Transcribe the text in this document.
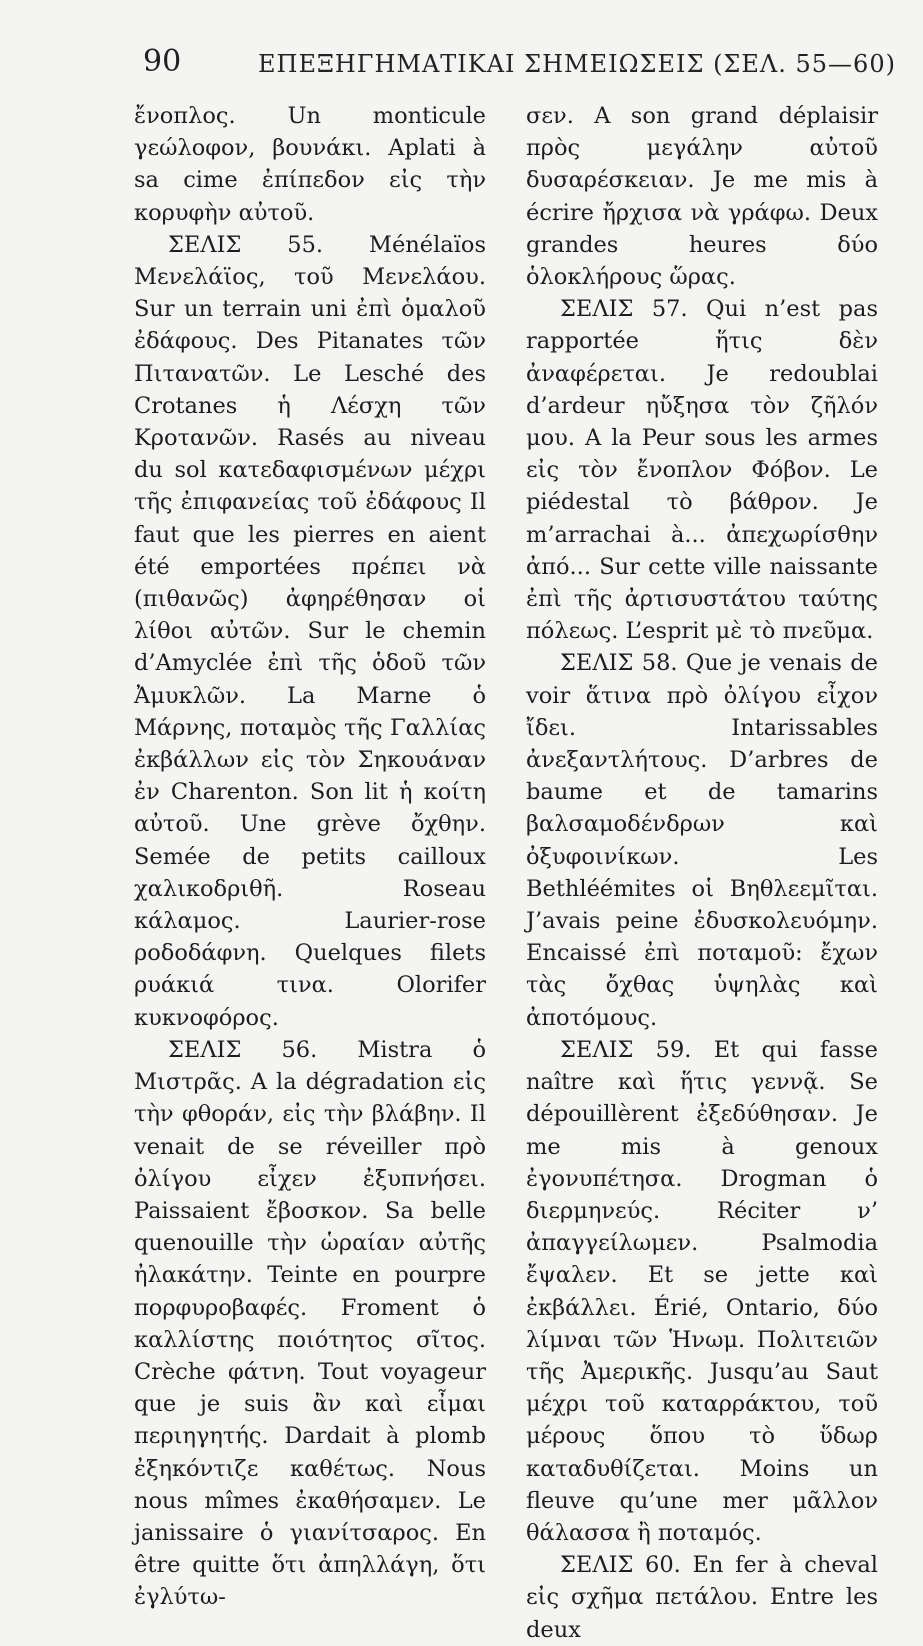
90	ΕΠΕΞΗΓΗΜΑΤΙΚΑΙ ΣΗΜΕΙΩΣΕΙΣ (ΣΕΛ. 55—60)

ἔνοπλος. Un monticule γεώλοφον, βουνάκι. Aplati à sa cime ἐπίπεδον εἰς τὴν κορυφὴν αὐτοῦ.

ΣΕΛΙΣ 55. Ménélaïos Μενελάϊος, τοῦ Μενελάου. Sur un terrain uni ἐπὶ ὁμαλοῦ ἐδάφους. Des Pitanates τῶν Πιτανατῶν. Le Lesché des Crotanes ἡ Λέσχη τῶν Κροτανῶν. Rasés au niveau du sol κατεδαφισμένων μέχρι τῆς ἐπιφανείας τοῦ ἐδάφους Il faut que les pierres en aient été emportées πρέπει νὰ (πιθανῶς) ἀφηρέθησαν οἱ λίθοι αὐτῶν. Sur le chemin d’Amyclée ἐπὶ τῆς ὁδοῦ τῶν Ἀμυκλῶν. La Marne ὁ Μάρνης, ποταμὸς τῆς Γαλλίας ἐκβάλλων εἰς τὸν Σηκουάναν ἐν Charenton. Son lit ἡ κοίτη αὐτοῦ. Une grève ὄχθην. Semée de petits cailloux χαλικοδριθῆ. Roseau κάλαμος. Laurier-rose ροδοδάφνη. Quelques filets ρυάκιά τινα. Olorifer κυκνοφόρος.

ΣΕΛΙΣ 56. Mistra ὁ Μιστρᾶς. A la dégradation εἰς τὴν φθοράν, εἰς τὴν βλάβην. Il venait de se réveiller πρὸ ὀλίγου εἶχεν ἐξυπνήσει. Paissaient ἔβοσκον. Sa belle quenouille τὴν ὡραίαν αὐτῆς ἠλακάτην. Teinte en pourpre πορφυροβαφές. Froment ὁ καλλίστης ποιότητος σῖτος. Crèche φάτνη. Tout voyageur que je suis ἂν καὶ εἶμαι περιηγητής. Dardait à plomb ἐξηκόντιζε καθέτως. Nous nous mîmes ἐκαθήσαμεν. Le janissaire ὁ γιανίτσαρος. En être quitte ὅτι ἀπηλλάγη, ὅτι ἐγλύτω-

σεν. A son grand déplaisir πρὸς μεγάλην αὐτοῦ δυσαρέσκειαν. Je me mis à écrire ἤρχισα νὰ γράφω. Deux grandes heures δύο ὁλοκλήρους ὥρας.

ΣΕΛΙΣ 57. Qui n’est pas rapportée ἥτις δὲν ἀναφέρεται. Je redoublai d’ardeur ηὔξησα τὸν ζῆλόν μου. A la Peur sous les armes εἰς τὸν ἔνοπλον Φόβον. Le piédestal τὸ βάθρον. Je m’arrachai à... ἀπεχωρίσθην ἀπό... Sur cette ville naissante ἐπὶ τῆς ἀρτισυστάτου ταύτης πόλεως. L’esprit μὲ τὸ πνεῦμα.

ΣΕΛΙΣ 58. Que je venais de voir ἅτινα πρὸ ὀλίγου εἶχον ἴδει. Intarissables ἀνεξαντλήτους. D’arbres de baume et de tamarins βαλσαμοδένδρων καὶ ὀξυφοινίκων. Les Bethléémites οἱ Βηθλεεμῖται. J’avais peine ἐδυσκολευόμην. Encaissé ἐπὶ ποταμοῦ: ἔχων τὰς ὄχθας ὑψηλὰς καὶ ἀποτόμους.

ΣΕΛΙΣ 59. Et qui fasse naître καὶ ἥτις γεννᾷ. Se dépouillèrent ἐξεδύθησαν. Je me mis à genoux ἐγονυπέτησα. Drogman ὁ διερμηνεύς. Réciter ν’ ἀπαγγείλωμεν. Psalmodia ἔψαλεν. Et se jette καὶ ἐκβάλλει. Érié, Ontario, δύο λίμναι τῶν Ἡνωμ. Πολιτειῶν τῆς Ἀμερικῆς. Jusqu’au Saut μέχρι τοῦ καταρράκτου, τοῦ μέρους ὅπου τὸ ὕδωρ καταδυθίζεται. Moins un fleuve qu’une mer μᾶλλον θάλασσα ἢ ποταμός.

ΣΕΛΙΣ 60. En fer à cheval εἰς σχῆμα πετάλου. Entre les deux
